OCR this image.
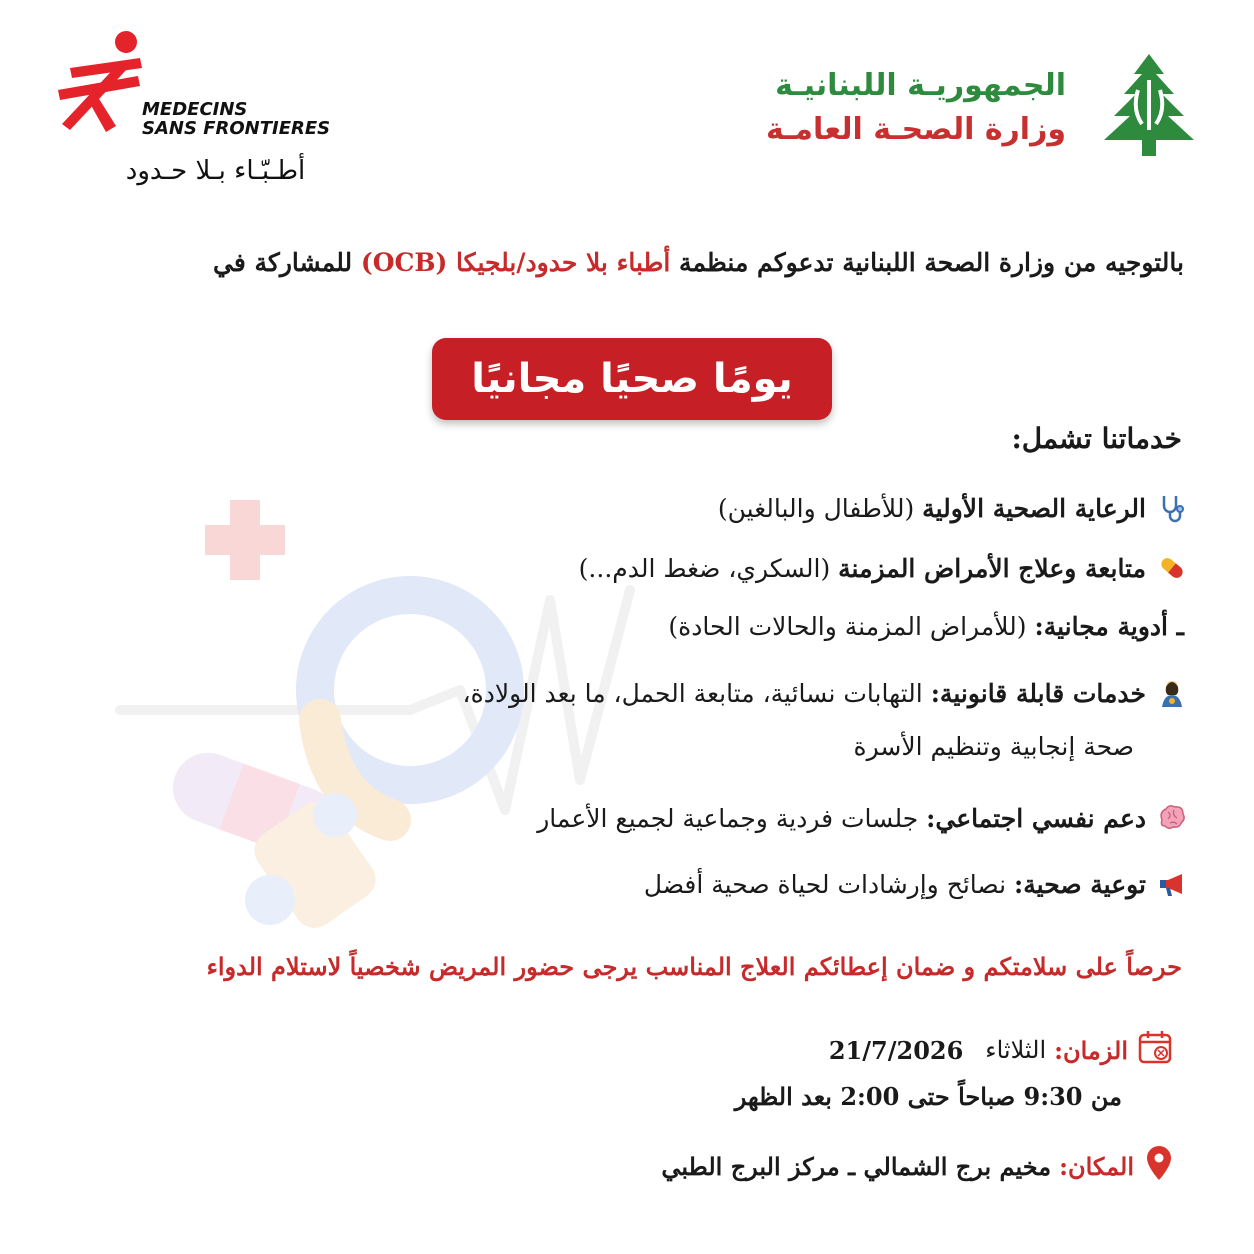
MEDECINS
SANS FRONTIERES
أطـبّـاء بـلا حـدود
الجمهوريـة اللبنانيـة
وزارة الصحـة العامـة
بالتوجيه من وزارة الصحة اللبنانية تدعوكم منظمة أطباء بلا حدود/بلجيكا (OCB) للمشاركة في
يومًا صحيًا مجانيًا
خدماتنا تشمل:
الرعاية الصحية الأولية (للأطفال والبالغين)
متابعة وعلاج الأمراض المزمنة (السكري، ضغط الدم...)
ـ أدوية مجانية: (للأمراض المزمنة والحالات الحادة)
خدمات قابلة قانونية: التهابات نسائية، متابعة الحمل، ما بعد الولادة،
صحة إنجابية وتنظيم الأسرة
دعم نفسي اجتماعي: جلسات فردية وجماعية لجميع الأعمار
توعية صحية: نصائح وإرشادات لحياة صحية أفضل
حرصاً على سلامتكم و ضمان إعطائكم العلاج المناسب يرجى حضور المريض شخصياً لاستلام الدواء
الزمان:
الثلاثاء
21/7/2026
من 9:30 صباحاً حتى 2:00 بعد الظهر
المكان:
مخيم برج الشمالي ـ مركز البرج الطبي
